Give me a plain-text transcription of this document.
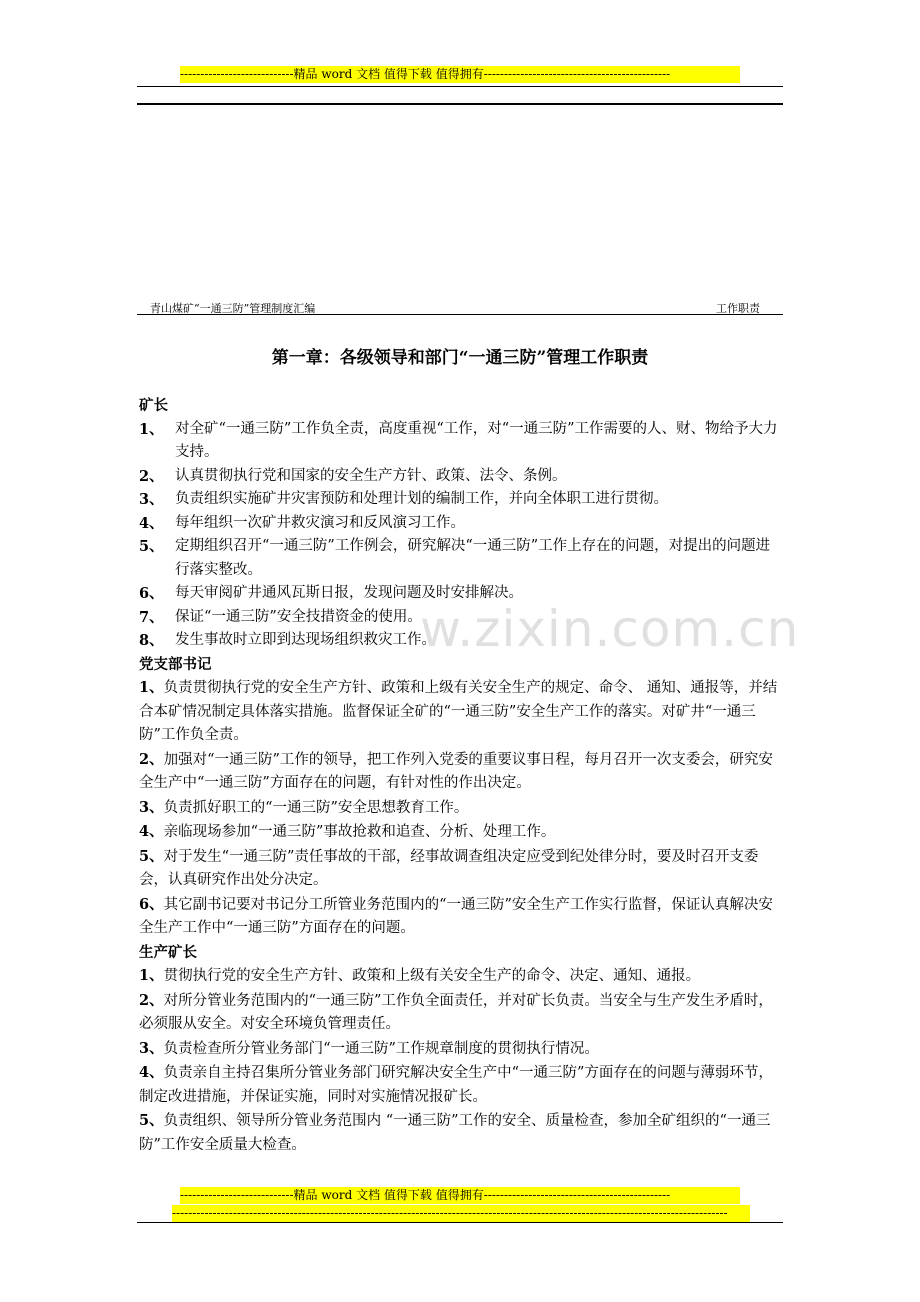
----------------------------精品 word 文档 值得下载 值得拥有----------------------------------------------
青山煤矿“一通三防”管理制度汇编	工作职责
第一章：各级领导和部门“一通三防”管理工作职责
矿长
1、 对全矿“一通三防”工作负全责，高度重视“工作，对“一通三防”工作需要的人、财、物给予大力支持。
2、 认真贯彻执行党和国家的安全生产方针、政策、法令、条例。
3、 负责组织实施矿井灾害预防和处理计划的编制工作，并向全体职工进行贯彻。
4、 每年组织一次矿井救灾演习和反风演习工作。
5、 定期组织召开“一通三防”工作例会，研究解决“一通三防”工作上存在的问题，对提出的问题进行落实整改。
6、 每天审阅矿井通风瓦斯日报，发现问题及时安排解决。
7、 保证“一通三防”安全技措资金的使用。
8、 发生事故时立即到达现场组织救灾工作。
党支部书记
1、负责贯彻执行党的安全生产方针、政策和上级有关安全生产的规定、命令、 通知、通报等，并结合本矿情况制定具体落实措施。监督保证全矿的“一通三防”安全生产工作的落实。对矿井“一通三防”工作负全责。
2、加强对“一通三防”工作的领导，把工作列入党委的重要议事日程，每月召开一次支委会，研究安全生产中“一通三防”方面存在的问题，有针对性的作出决定。
3、负责抓好职工的“一通三防”安全思想教育工作。
4、亲临现场参加“一通三防”事故抢救和追查、分析、处理工作。
5、对于发生“一通三防”责任事故的干部，经事故调查组决定应受到纪处律分时，要及时召开支委会，认真研究作出处分决定。
6、其它副书记要对书记分工所管业务范围内的“一通三防”安全生产工作实行监督，保证认真解决安全生产工作中“一通三防”方面存在的问题。
生产矿长
1、贯彻执行党的安全生产方针、政策和上级有关安全生产的命令、决定、通知、通报。
2、对所分管业务范围内的“一通三防”工作负全面责任，并对矿长负责。当安全与生产发生矛盾时，必须服从安全。对安全环境负管理责任。
3、负责检查所分管业务部门“一通三防”工作规章制度的贯彻执行情况。
4、负责亲自主持召集所分管业务部门研究解决安全生产中“一通三防”方面存在的问题与薄弱环节，制定改进措施，并保证实施，同时对实施情况报矿长。
5、负责组织、领导所分管业务范围内 “一通三防”工作的安全、质量检查，参加全矿组织的“一通三防”工作安全质量大检查。
w.zixin.com.cn
----------------------------精品 word 文档 值得下载 值得拥有----------------------------------------------
-----------------------------------------------------------------------------------------------------------------------------------------
